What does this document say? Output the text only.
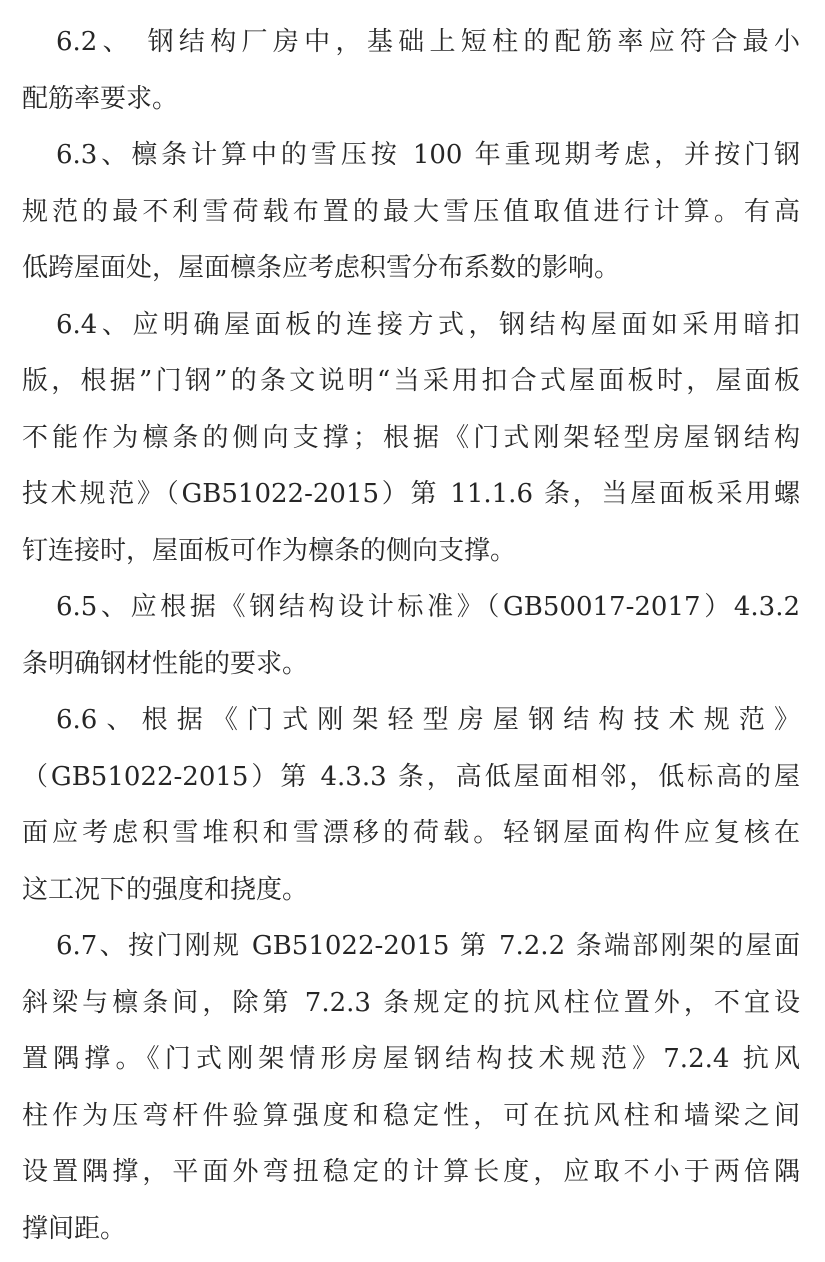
6.2、 钢结构厂房中，基础上短柱的配筋率应符合最小
配筋率要求。
6.3、檩条计算中的雪压按 100 年重现期考虑，并按门钢
规范的最不利雪荷载布置的最大雪压值取值进行计算。有高
低跨屋面处，屋面檩条应考虑积雪分布系数的影响。
6.4、应明确屋面板的连接方式，钢结构屋面如采用暗扣
版，根据”门钢”的条文说明“当采用扣合式屋面板时，屋面板
不能作为檩条的侧向支撑；根据《门式刚架轻型房屋钢结构
技术规范》（GB51022-2015）第 11.1.6 条，当屋面板采用螺
钉连接时，屋面板可作为檩条的侧向支撑。
6.5、应根据《钢结构设计标准》（GB50017-2017）4.3.2
条明确钢材性能的要求。
6.6、根据《门式刚架轻型房屋钢结构技术规范》
（GB51022-2015）第 4.3.3 条，高低屋面相邻，低标高的屋
面应考虑积雪堆积和雪漂移的荷载。轻钢屋面构件应复核在
这工况下的强度和挠度。
6.7、按门刚规 GB51022-2015 第 7.2.2 条端部刚架的屋面
斜梁与檩条间，除第 7.2.3 条规定的抗风柱位置外，不宜设
置隅撑。《门式刚架情形房屋钢结构技术规范》7.2.4 抗风
柱作为压弯杆件验算强度和稳定性，可在抗风柱和墙梁之间
设置隅撑，平面外弯扭稳定的计算长度，应取不小于两倍隅
撑间距。
